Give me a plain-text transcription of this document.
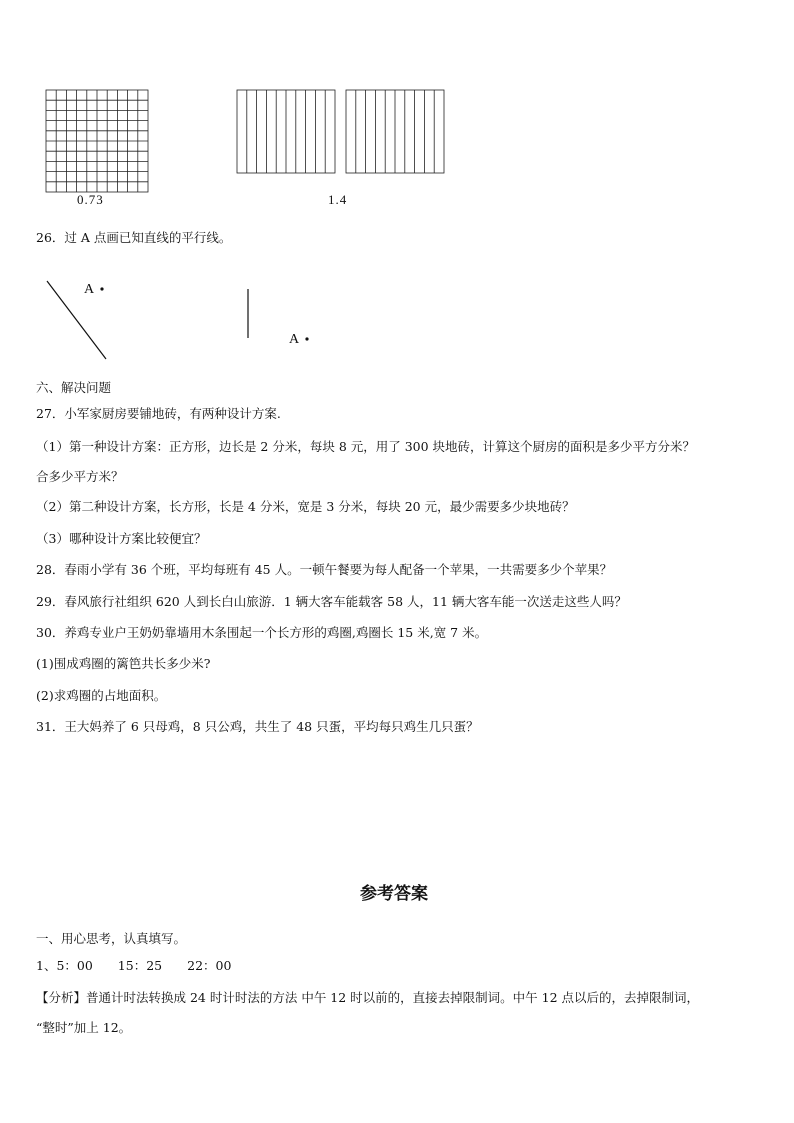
0.73	1.4
A
A
26．过 A 点画已知直线的平行线。
六、解决问题
27．小军家厨房要铺地砖，有两种设计方案.
（1）第一种设计方案：正方形，边长是 2 分米，每块 8 元，用了 300 块地砖，计算这个厨房的面积是多少平方分米？
合多少平方米？
（2）第二种设计方案，长方形，长是 4 分米，宽是 3 分米，每块 20 元，最少需要多少块地砖？
（3）哪种设计方案比较便宜？
28．春雨小学有 36 个班，平均每班有 45 人。一顿午餐要为每人配备一个苹果，一共需要多少个苹果？
29．春风旅行社组织 620 人到长白山旅游．1 辆大客车能载客 58 人，11 辆大客车能一次送走这些人吗？
30．养鸡专业户王奶奶靠墙用木条围起一个长方形的鸡圈,鸡圈长 15 米,宽 7 米。
(1)围成鸡圈的篱笆共长多少米?
(2)求鸡圈的占地面积。
31．王大妈养了 6 只母鸡，8 只公鸡，共生了 48 只蛋，平均每只鸡生几只蛋？
参考答案
一、用心思考，认真填写。
1、5：00　　15：25　　22：00
【分析】普通计时法转换成 24 时计时法的方法 中午 12 时以前的，直接去掉限制词。中午 12 点以后的，去掉限制词，
“整时”加上 12。
